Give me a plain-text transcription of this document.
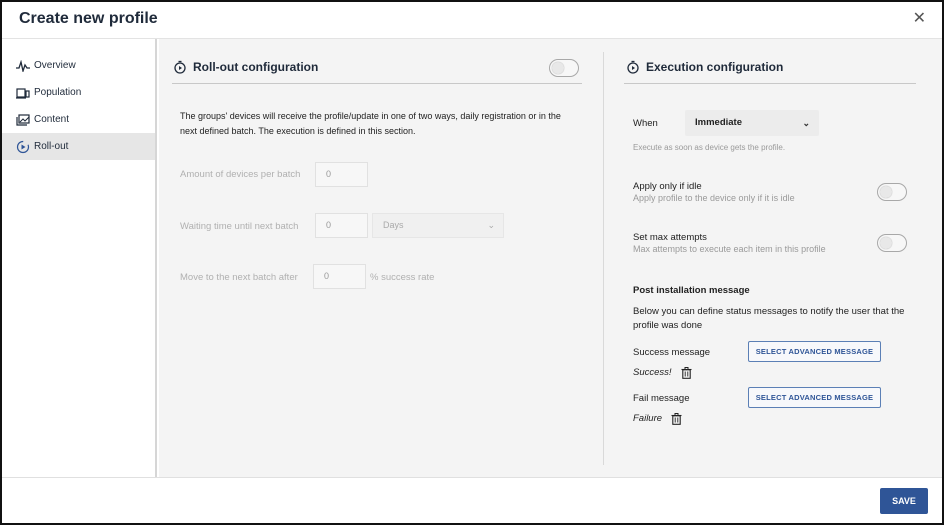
Create new profile	✕
Overview
Population
Content
Roll-out
Roll-out configuration
The groups' devices will receive the profile/update in one of two ways, daily registration or in the next defined batch. The execution is defined in this section.
Amount of devices per batch	0
Waiting time until next batch	0	Days	⌄
Move to the next batch after	0	% success rate
Execution configuration
When	Immediate	⌄
Execute as soon as device gets the profile.
Apply only if idle
Apply profile to the device only if it is idle
Set max attempts
Max attempts to execute each item in this profile
Post installation message
Below you can define status messages to notify the user that the profile was done
Success message	SELECT ADVANCED MESSAGE
Success!
Fail message	SELECT ADVANCED MESSAGE
Failure
SAVE
